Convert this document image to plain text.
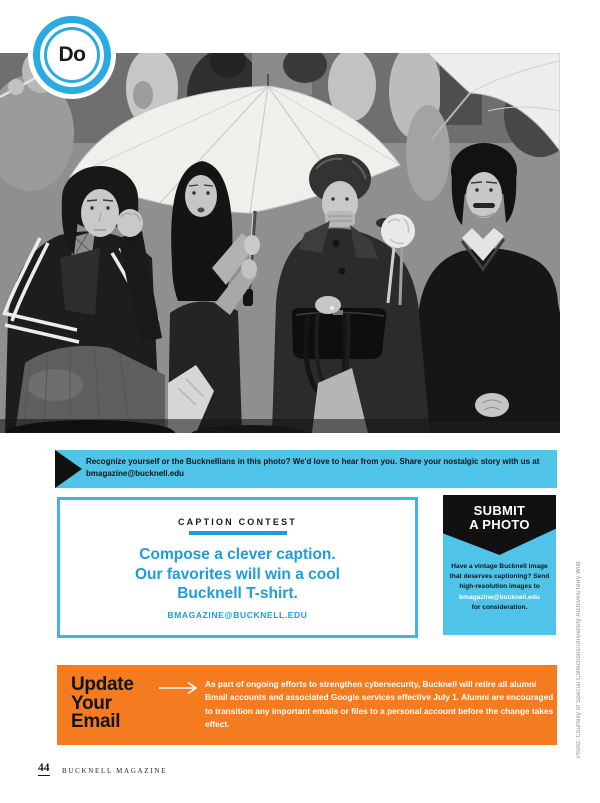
Do
Photo: Courtesy of Special Collections/University Archives/Terry Wild
Recognize yourself or the Bucknellians in this photo? We'd love to hear from you. Share your nostalgic story with us at
bmagazine@bucknell.edu
CAPTION CONTEST
Compose a clever caption.
Our favorites will win a cool
Bucknell T-shirt.
BMAGAZINE@BUCKNELL.EDU
SUBMIT
A PHOTO
Have a vintage Bucknell image that deserves captioning? Send high-resolution images to
bmagazine@bucknell.edu
for consideration.
Update
Your
Email
As part of ongoing efforts to strengthen cybersecurity, Bucknell will retire all alumni Bmail accounts and associated Google services effective July 1. Alumni are encouraged to transition any important emails or files to a personal account before the change takes effect.
44 BUCKNELL MAGAZINE
